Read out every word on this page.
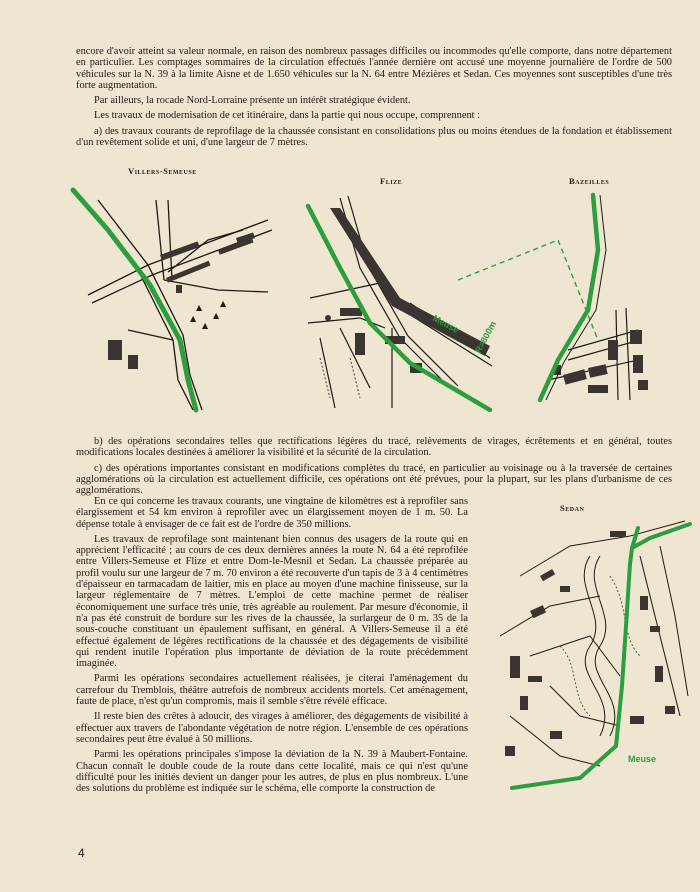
encore d'avoir atteint sa valeur normale, en raison des nombreux passages difficiles ou incommodes qu'elle comporte, dans notre département en particulier. Les comptages sommaires de la circulation effectués l'année dernière ont accusé une moyenne journalière de l'ordre de 500 véhicules sur la N. 39 à la limite Aisne et de 1.650 véhicules sur la N. 64 entre Mézières et Sedan. Ces moyennes sont susceptibles d'une très forte augmentation.

Par ailleurs, la rocade Nord-Lorraine présente un intérêt stratégique évident.

Les travaux de modernisation de cet itinéraire, dans la partie qui nous occupe, comprennent :

a) des travaux courants de reprofilage de la chaussée consistant en consolidations plus ou moins étendues de la fondation et établissement d'un revêtement solide et uni, d'une largeur de 7 mètres.

Villers-Semeuse
Flize	Bazeilles
▲
▲
▲
▲
▲	Meuse R=800m

b) des opérations secondaires telles que rectifications légères du tracé, relèvements de virages, écrêtements et en général, toutes modifications locales destinées à améliorer la visibilité et la sécurité de la circulation.

c) des opérations importantes consistant en modifications complètes du tracé, en particulier au voisinage ou à la traversée de certaines agglomérations où la circulation est actuellement difficile, ces opérations ont été prévues, pour la plupart, sur les plans d'urbanisme de ces agglomérations.

En ce qui concerne les travaux courants, une vingtaine de kilomètres est à reprofiler sans élargissement et 54 km environ à reprofiler avec un élargissement moyen de 1 m. 50. La dépense totale à envisager de ce fait est de l'ordre de 350 millions.

Les travaux de reprofilage sont maintenant bien connus des usagers de la route qui en apprécient l'efficacité ; au cours de ces deux dernières années la route N. 64 a été reprofilée entre Villers-Semeuse et Flize et entre Dom-le-Mesnil et Sedan. La chaussée préparée au profil voulu sur une largeur de 7 m. 70 environ a été recouverte d'un tapis de 3 à 4 centimètres d'épaisseur en tarmacadam de laitier, mis en place au moyen d'une machine finisseuse, sur la largeur réglementaire de 7 mètres. L'emploi de cette machine permet de réaliser économiquement une surface très unie, très agréable au roulement. Par mesure d'économie, il n'a pas été construit de bordure sur les rives de la chaussée, la surlargeur de 0 m. 35 de la sous-couche constituant un épaulement suffisant, en général. A Villers-Semeuse il a été effectué également de légères rectifications de la chaussée et des dégagements de visibilité qui rendent inutile l'opération plus importante de déviation de la route précédemment imaginée.

Parmi les opérations secondaires actuellement réalisées, je citerai l'aménagement du carrefour du Tremblois, théâtre autrefois de nombreux accidents mortels. Cet aménagement, faute de place, n'est qu'un compromis, mais il semble s'être révélé efficace.

Il reste bien des crêtes à adoucir, des virages à améliorer, des dégagements de visibilité à effectuer aux travers de l'abondante végétation de notre région. L'ensemble de ces opérations secondaires peut être évalué à 50 millions.

Parmi les opérations principales s'impose la déviation de la N. 39 à Maubert-Fontaine. Chacun connaît le double coude de la route dans cette localité, mais ce qui n'est qu'une difficulté pour les initiés devient un danger pour les autres, de plus en plus nombreux. L'une des solutions du problème est indiquée sur le schéma, elle comporte la construction de

Sedan
Meuse
4
